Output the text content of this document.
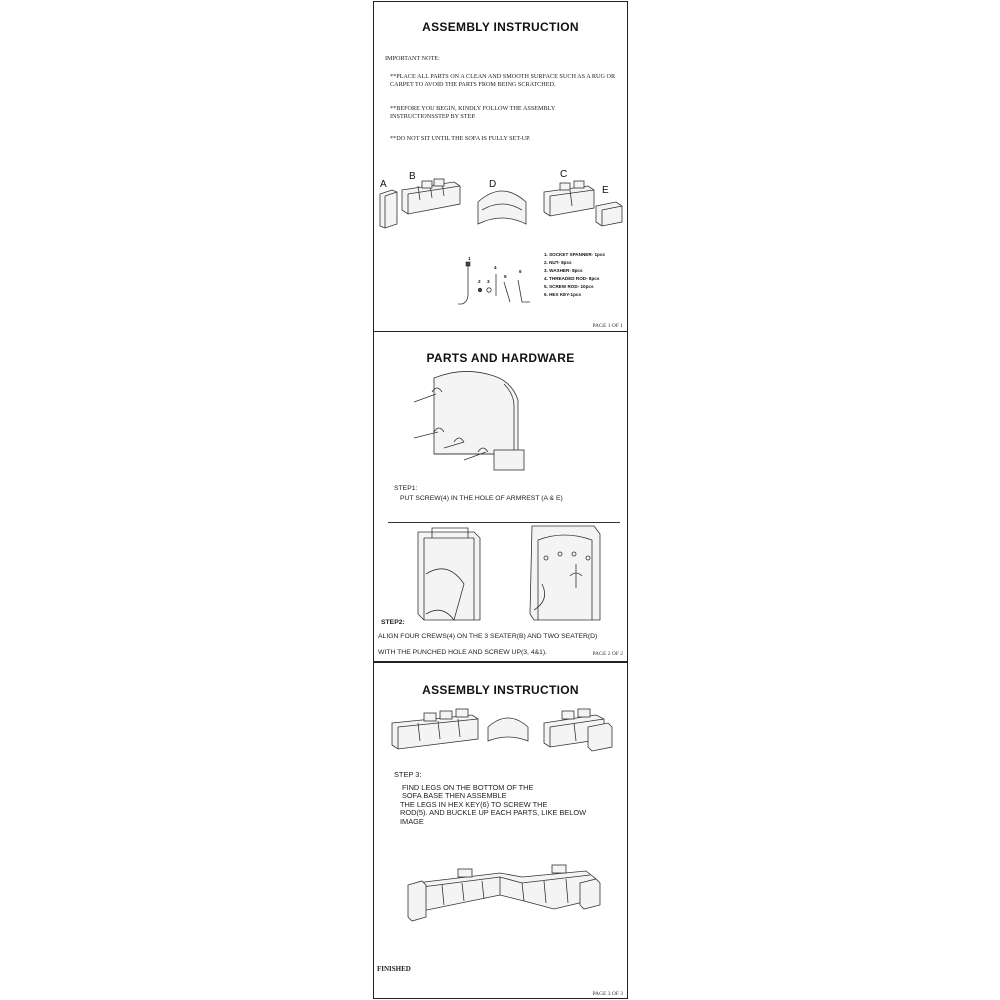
ASSEMBLY INSTRUCTION
IMPORTANT NOTE:
**PLACE ALL PARTS ON A CLEAN AND SMOOTH SURFACE SUCH AS A RUG OR CARPET TO AVOID THE PARTS FROM BEING SCRATCHED.
**BEFORE YOU BEGIN, KINDLY FOLLOW THE ASSEMBLY INSTRUCTIONSSTEP BY STEP.
**DO NOT SIT UNTIL THE SOFA IS FULLY SET-UP.
A
B
D
C
E
1
2 3
4
5
6
1. SOCKET SPANNER- 1pcs
2. NUT- 8pcs
3. WASHER- 8pcs
4. THREADED ROD- 8pcs
5. SCREW ROD- 10pcs
6. HEX KEY-1pcs
PAGE 1 OF 1
PARTS AND HARDWARE
STEP1:
PUT SCREW(4) IN THE HOLE OF ARMREST (A & E)
STEP2:
ALIGN FOUR CREWS(4) ON THE 3 SEATER(B) AND TWO SEATER(D)
WITH THE PUNCHED HOLE AND SCREW UP(3, 4&1).	PAGE 2 OF 2
ASSEMBLY INSTRUCTION
STEP 3:
FIND LEGS ON THE BOTTOM OF THE
SOFA BASE THEN ASSEMBLE
THE LEGS IN HEX KEY(6) TO SCREW THE
ROD(5). AND BUCKLE UP EACH PARTS, LIKE BELOW
IMAGE
FINISHED
PAGE 3 OF 3
